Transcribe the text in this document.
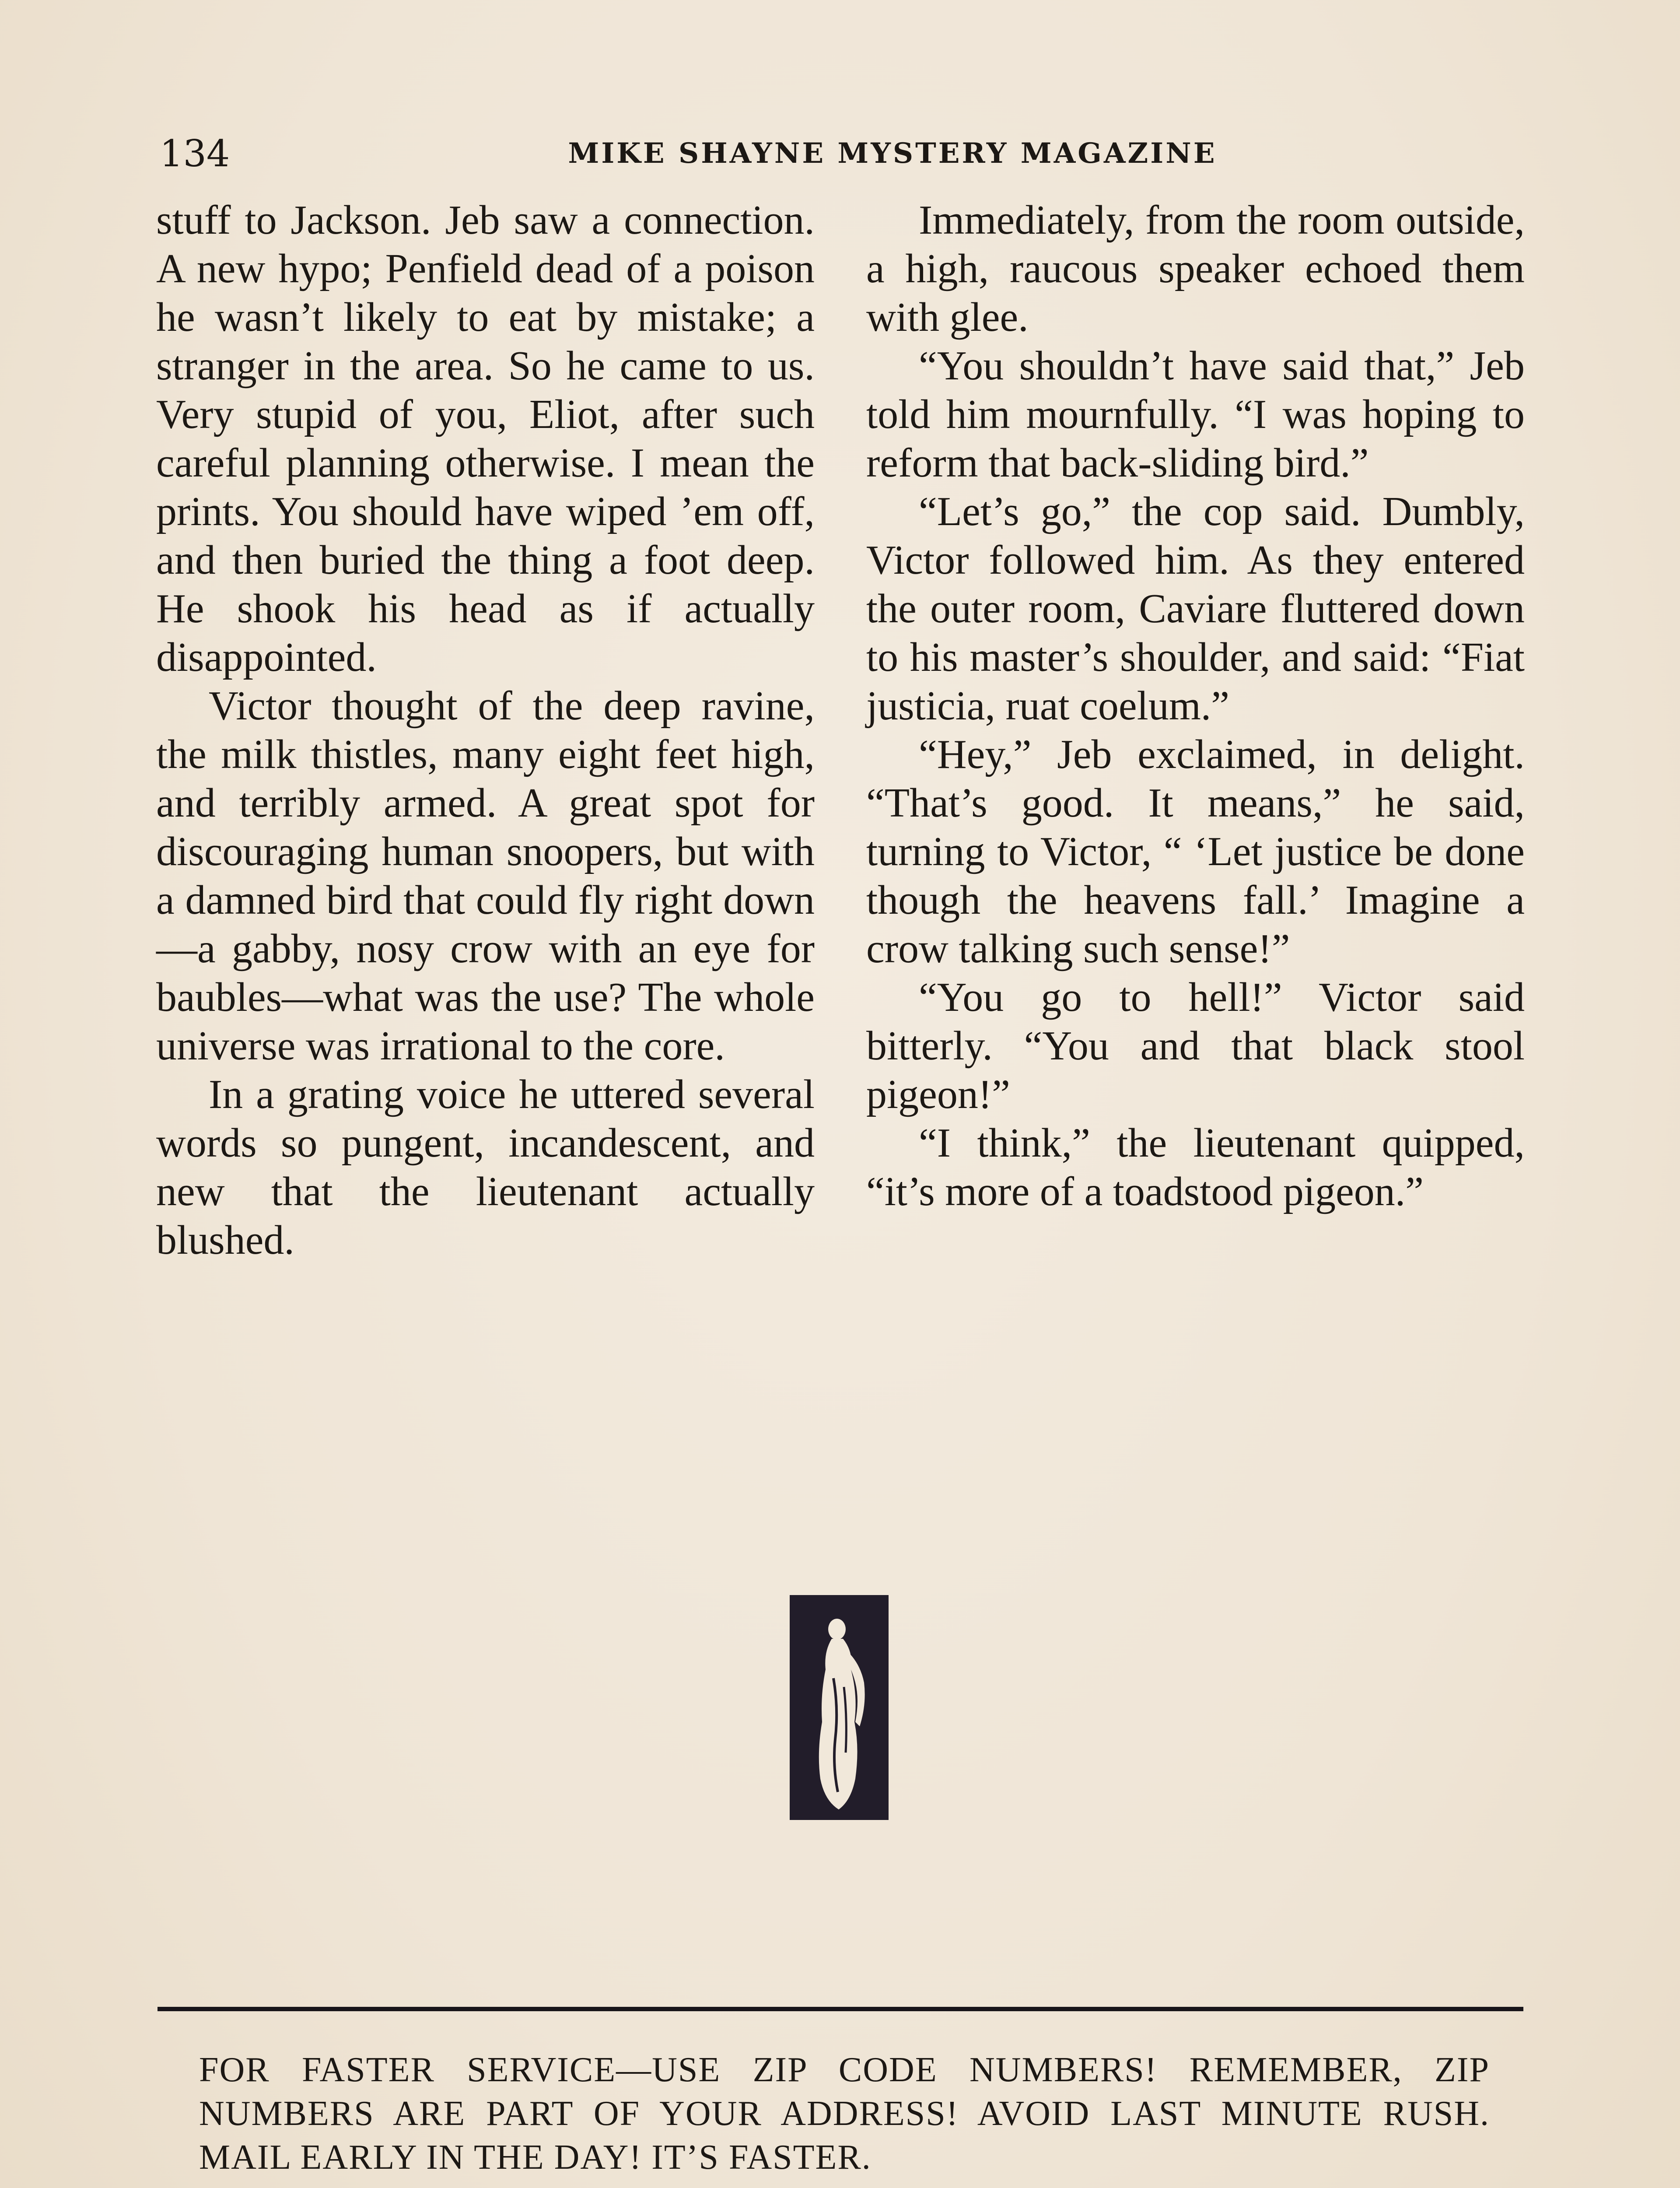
134	MIKE SHAYNE MYSTERY MAGAZINE

stuff to Jackson. Jeb saw a connection. A new hypo; Penfield dead of a poison he wasn’t likely to eat by mistake; a stranger in the area. So he came to us. Very stupid of you, Eliot, after such careful planning otherwise. I mean the prints. You should have wiped ’em off, and then buried the thing a foot deep. He shook his head as if actually disappointed.

Victor thought of the deep ravine, the milk thistles, many eight feet high, and terribly armed. A great spot for discouraging human snoopers, but with a damned bird that could fly right down—a gabby, nosy crow with an eye for baubles—what was the use? The whole universe was irrational to the core.

In a grating voice he uttered several words so pungent, incandescent, and new that the lieutenant actually blushed.

Immediately, from the room outside, a high, raucous speaker echoed them with glee.

“You shouldn’t have said that,” Jeb told him mournfully. “I was hoping to reform that back-sliding bird.”

“Let’s go,” the cop said. Dumbly, Victor followed him. As they entered the outer room, Caviare fluttered down to his master’s shoulder, and said: “Fiat justicia, ruat coelum.”

“Hey,” Jeb exclaimed, in delight. “That’s good. It means,” he said, turning to Victor, “ ‘Let justice be done though the heavens fall.’ Imagine a crow talking such sense!”

“You go to hell!” Victor said bitterly. “You and that black stool pigeon!”

“I think,” the lieutenant quipped, “it’s more of a toadstood pigeon.”

FOR FASTER SERVICE—USE ZIP CODE NUMBERS! REMEMBER, ZIP NUMBERS ARE PART OF YOUR ADDRESS! AVOID LAST MINUTE RUSH. MAIL EARLY IN THE DAY! IT’S FASTER.
